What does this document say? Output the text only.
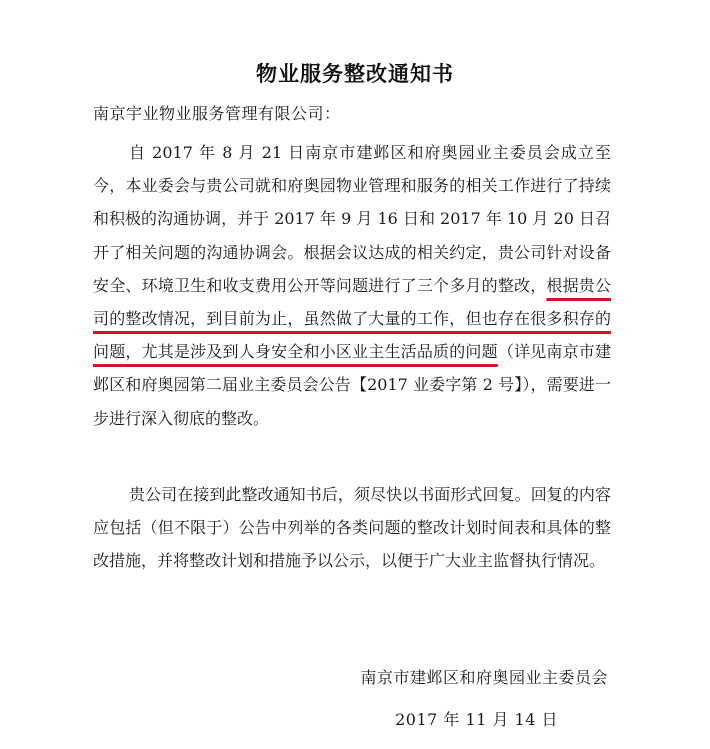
物业服务整改通知书
南京宇业物业服务管理有限公司：

自 2017 年 8 月 21 日南京市建邺区和府奥园业主委员会成立至今，本业委会与贵公司就和府奥园物业管理和服务的相关工作进行了持续和积极的沟通协调，并于 2017 年 9 月 16 日和 2017 年 10 月 20 日召开了相关问题的沟通协调会。根据会议达成的相关约定，贵公司针对设备安全、环境卫生和收支费用公开等问题进行了三个多月的整改，根据贵公司的整改情况，到目前为止，虽然做了大量的工作，但也存在很多积存的问题，尤其是涉及到人身安全和小区业主生活品质的问题（详见南京市建邺区和府奥园第二届业主委员会公告【2017 业委字第 2 号】），需要进一步进行深入彻底的整改。

贵公司在接到此整改通知书后，须尽快以书面形式回复。回复的内容应包括（但不限于）公告中列举的各类问题的整改计划时间表和具体的整改措施，并将整改计划和措施予以公示，以便于广大业主监督执行情况。

南京市建邺区和府奥园业主委员会
2017 年 11 月 14 日
